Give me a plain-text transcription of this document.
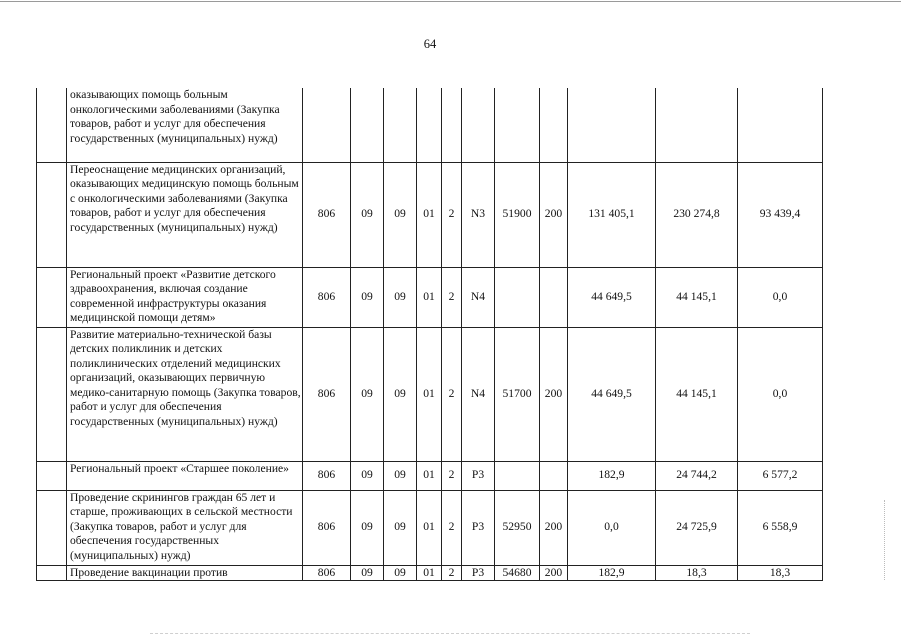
64
	оказывающих помощь больным онкологическими заболеваниями (Закупка товаров, работ и услуг для обеспечения государственных (муниципальных) нужд)											
	Переоснащение медицинских организаций, оказывающих медицинскую помощь больным с онкологическими заболеваниями (Закупка товаров, работ и услуг для обеспечения государственных (муниципальных) нужд)	806	09	09	01	2	N3	51900	200	131 405,1	230 274,8	93 439,4
	Региональный проект «Развитие детского здравоохранения, включая создание современной инфраструктуры оказания медицинской помощи детям»	806	09	09	01	2	N4			44 649,5	44 145,1	0,0
	Развитие материально-технической базы детских поликлиник и детских поликлинических отделений медицинских организаций, оказывающих первичную медико-санитарную помощь (Закупка товаров, работ и услуг для обеспечения государственных (муниципальных) нужд)	806	09	09	01	2	N4	51700	200	44 649,5	44 145,1	0,0
	Региональный проект «Старшее поколение»	806	09	09	01	2	P3			182,9	24 744,2	6 577,2
	Проведение скринингов граждан 65 лет и старше, проживающих в сельской местности (Закупка товаров, работ и услуг для обеспечения государственных (муниципальных) нужд)	806	09	09	01	2	P3	52950	200	0,0	24 725,9	6 558,9
	Проведение вакцинации против	806	09	09	01	2	P3	54680	200	182,9	18,3	18,3
